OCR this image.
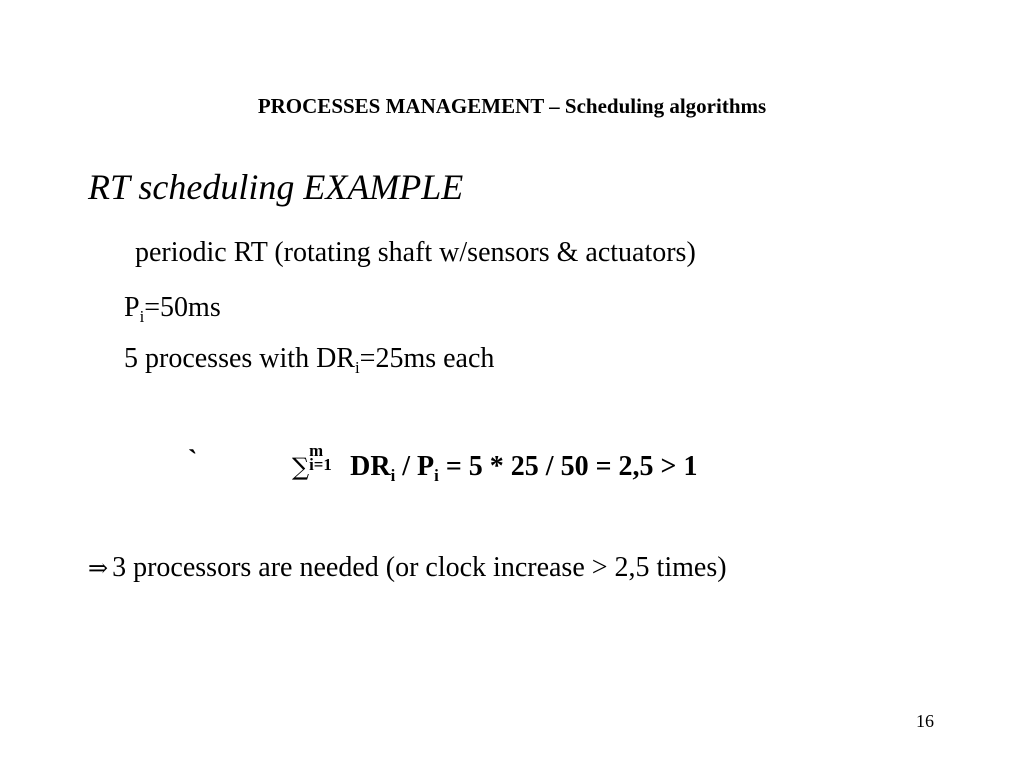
PROCESSES MANAGEMENT – Scheduling algorithms
RT scheduling EXAMPLE
periodic RT (rotating shaft w/sensors & actuators)
$P_i=50ms$
5 processes with $DR_i=25ms$ each
`	∑
m
i=1 $DR_i / P_i = 5 * 25 / 50 = 2,5 > 1$
⇒ 3 processors are needed (or clock increase > 2,5 times)
16
